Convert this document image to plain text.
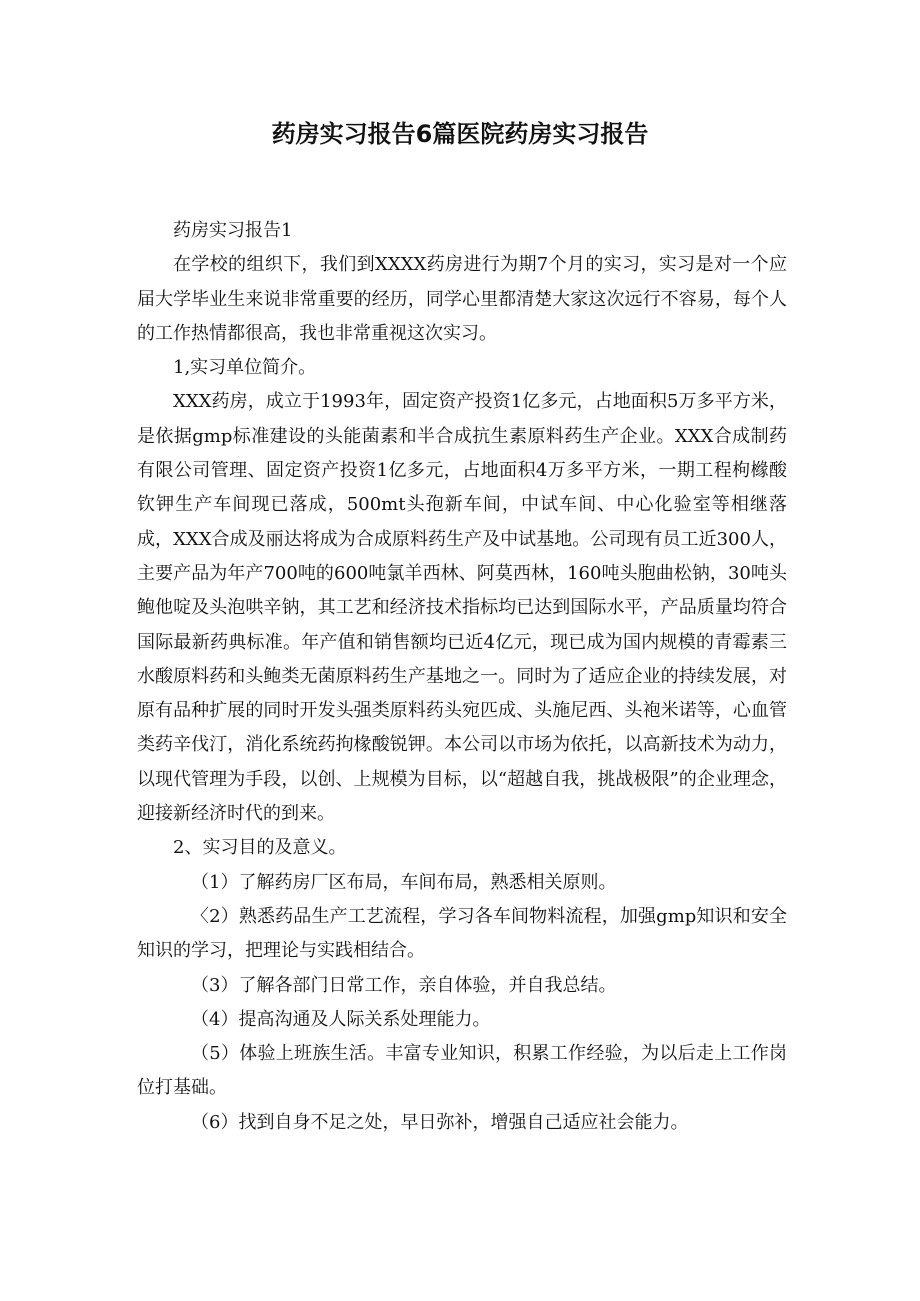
药房实习报告6篇医院药房实习报告

药房实习报告1

在学校的组织下，我们到XXXX药房进行为期7个月的实习，实习是对一个应届大学毕业生来说非常重要的经历，同学心里都清楚大家这次远行不容易，每个人的工作热情都很高，我也非常重视这次实习。

1,实习单位简介。

XXX药房，成立于1993年，固定资产投资1亿多元，占地面积5万多平方米，是依据gmp标准建设的头能菌素和半合成抗生素原料药生产企业。XXX合成制药有限公司管理、固定资产投资1亿多元，占地面积4万多平方米，一期工程枸橼酸钦钾生产车间现已落成，500mt头孢新车间，中试车间、中心化验室等相继落成，XXX合成及丽达将成为合成原料药生产及中试基地。公司现有员工近300人，主要产品为年产700吨的600吨氯羊西林、阿莫西林，160吨头胞曲松钠，30吨头鲍他啶及头泡哄辛钠，其工艺和经济技术指标均已达到国际水平，产品质量均符合国际最新药典标准。年产值和销售额均已近4亿元，现已成为国内规模的青霉素三水酸原料药和头鲍类无菌原料药生产基地之一。同时为了适应企业的持续发展，对原有品种扩展的同时开发头强类原料药头宛匹成、头施尼西、头袍米诺等，心血管类药辛伐汀，消化系统药拘椽酸锐钾。本公司以市场为依托，以高新技术为动力，以现代管理为手段，以创、上规模为目标，以“超越自我，挑战极限”的企业理念，迎接新经济时代的到来。

2、实习目的及意义。

（1）了解药房厂区布局，车间布局，熟悉相关原则。

〈2）熟悉药品生产工艺流程，学习各车间物料流程，加强gmp知识和安全知识的学习，把理论与实践相结合。

（3）了解各部门日常工作，亲自体验，并自我总结。

（4）提高沟通及人际关系处理能力。

（5）体验上班族生活。丰富专业知识，积累工作经验，为以后走上工作岗位打基础。

（6）找到自身不足之处，早日弥补，增强自己适应社会能力。
